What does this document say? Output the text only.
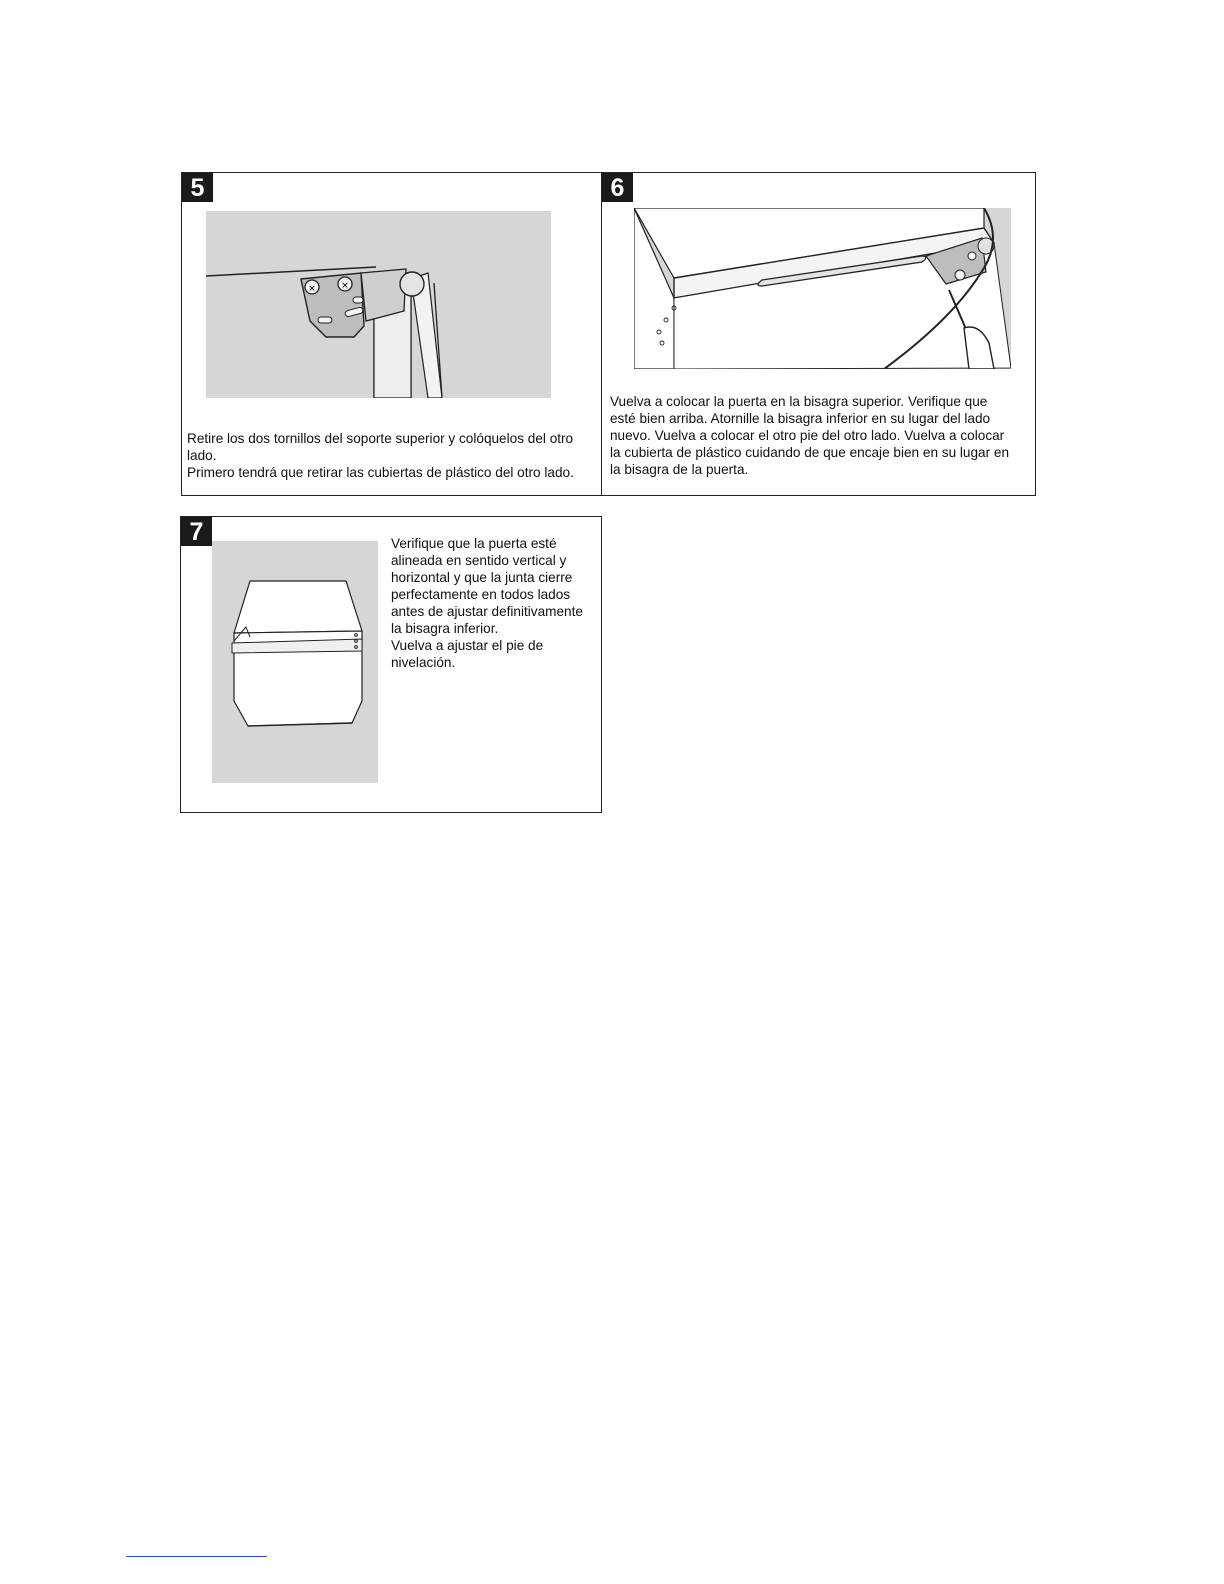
5
×	×

Retire los dos tornillos del soporte superior y colóquelos del otro lado.
Primero tendrá que retirar las cubiertas de plástico del otro lado.

6

Vuelva a colocar la puerta en la bisagra superior. Verifique que
esté bien arriba. Atornille la bisagra inferior en su lugar del lado
nuevo. Vuelva a colocar el otro pie del otro lado. Vuelva a colocar
la cubierta de plástico cuidando de que encaje bien en su lugar en
la bisagra de la puerta.

7	Verifique que la puerta esté
alineada en sentido vertical y
horizontal y que la junta cierre
perfectamente en todos lados
antes de ajustar definitivamente
la bisagra inferior.
Vuelva a ajustar el pie de
nivelación.
